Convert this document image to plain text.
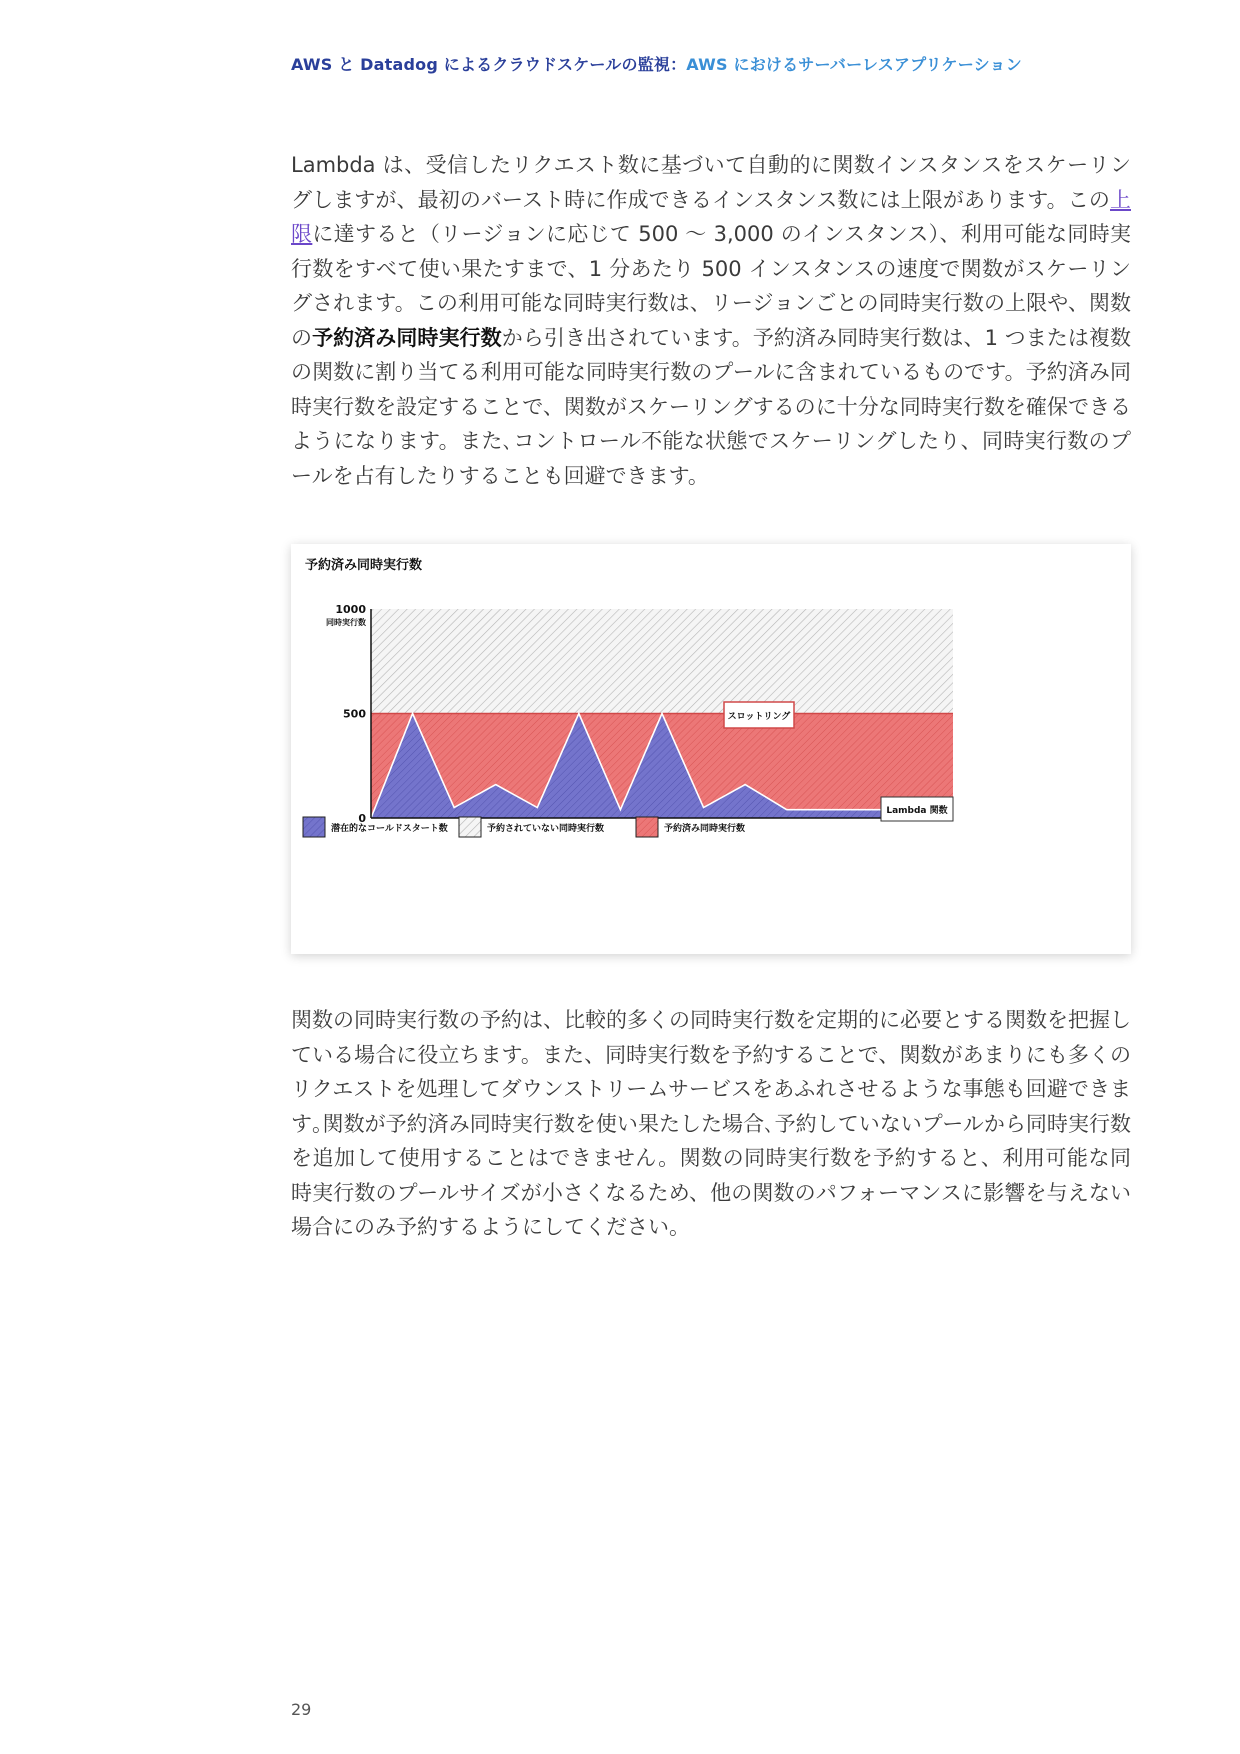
AWS と Datadog によるクラウドスケールの監視：AWS におけるサーバーレスアプリケーション

Lambda は、受信したリクエスト数に基づいて自動的に関数インスタンスをスケーリングしますが、最初のバースト時に作成できるインスタンス数には上限があります。この上限に達すると（リージョンに応じて 500 〜 3,000 のインスタンス）、利用可能な同時実行数をすべて使い果たすまで、1 分あたり 500 インスタンスの速度で関数がスケーリングされます。この利用可能な同時実行数は、リージョンごとの同時実行数の上限や、関数の予約済み同時実行数から引き出されています。予約済み同時実行数は、1 つまたは複数の関数に割り当てる利用可能な同時実行数のプールに含まれているものです。予約済み同時実行数を設定することで、関数がスケーリングするのに十分な同時実行数を確保できるようになります。また､コントロール不能な状態でスケーリングしたり、同時実行数のプールを占有したりすることも回避できます。

予約済み同時実行数
0
500
1000
同時実行数
スロットリング
Lambda 関数
潜在的なコールドスタート数	予約されていない同時実行数	予約済み同時実行数

関数の同時実行数の予約は、比較的多くの同時実行数を定期的に必要とする関数を把握している場合に役立ちます。また、同時実行数を予約することで、関数があまりにも多くのリクエストを処理してダウンストリームサービスをあふれさせるような事態も回避できます｡関数が予約済み同時実行数を使い果たした場合､予約していないプールから同時実行数を追加して使用することはできません。関数の同時実行数を予約すると、利用可能な同時実行数のプールサイズが小さくなるため、他の関数のパフォーマンスに影響を与えない場合にのみ予約するようにしてください。

29
